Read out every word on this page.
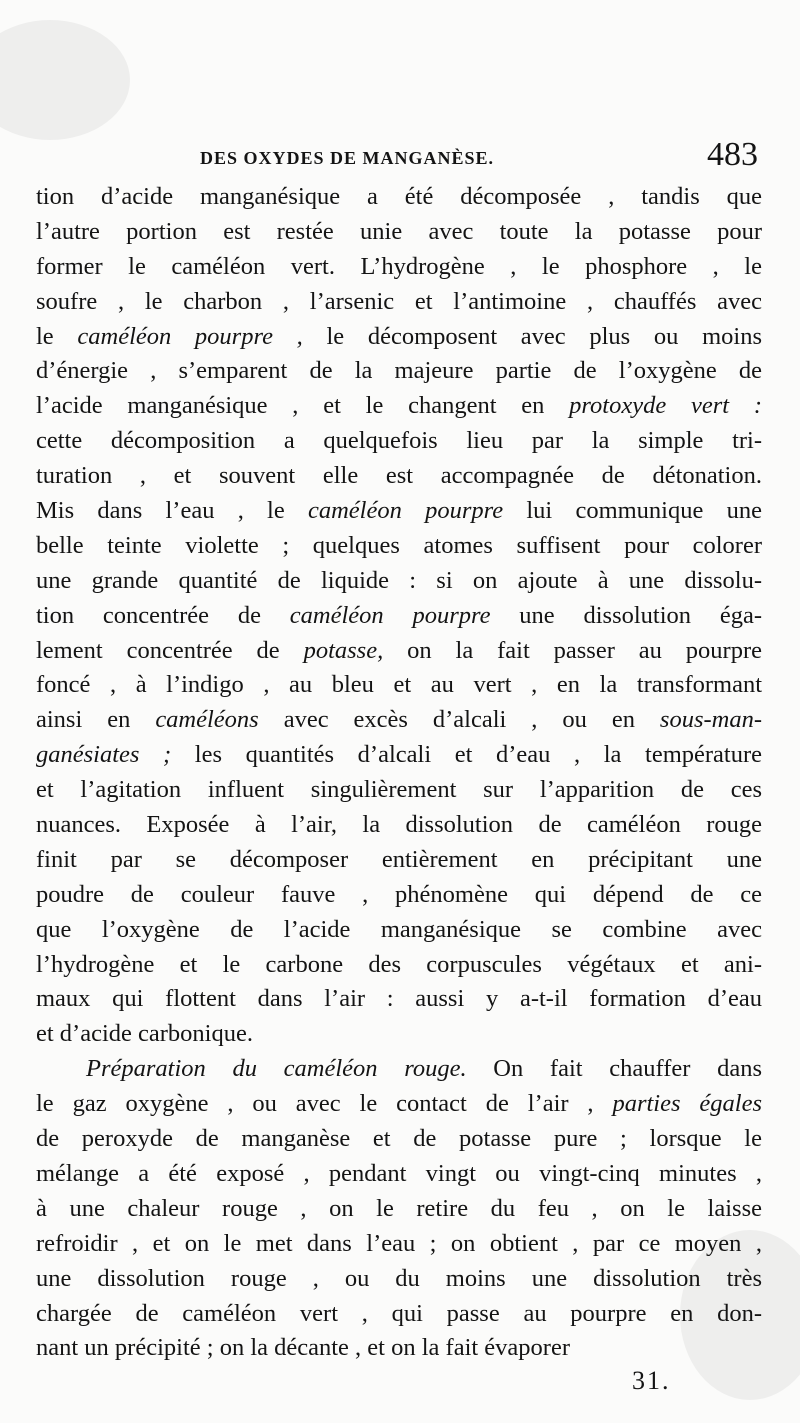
DES OXYDES DE MANGANÈSE.	483
tion d’acide manganésique a été décomposée , tandis que
l’autre portion est restée unie avec toute la potasse pour
former le caméléon vert. L’hydrogène , le phosphore , le
soufre , le charbon , l’arsenic et l’antimoine , chauffés avec
le caméléon pourpre , le décomposent avec plus ou moins
d’énergie , s’emparent de la majeure partie de l’oxygène de
l’acide manganésique , et le changent en protoxyde vert :
cette décomposition a quelquefois lieu par la simple tri-
turation , et souvent elle est accompagnée de détonation.
Mis dans l’eau , le caméléon pourpre lui communique une
belle teinte violette ; quelques atomes suffisent pour colorer
une grande quantité de liquide : si on ajoute à une dissolu-
tion concentrée de caméléon pourpre une dissolution éga-
lement concentrée de potasse, on la fait passer au pourpre
foncé , à l’indigo , au bleu et au vert , en la transformant
ainsi en caméléons avec excès d’alcali , ou en sous-man-
ganésiates ; les quantités d’alcali et d’eau , la température
et l’agitation influent singulièrement sur l’apparition de ces
nuances. Exposée à l’air, la dissolution de caméléon rouge
finit par se décomposer entièrement en précipitant une
poudre de couleur fauve , phénomène qui dépend de ce
que l’oxygène de l’acide manganésique se combine avec
l’hydrogène et le carbone des corpuscules végétaux et ani-
maux qui flottent dans l’air : aussi y a-t-il formation d’eau
et d’acide carbonique.
Préparation du caméléon rouge. On fait chauffer dans
le gaz oxygène , ou avec le contact de l’air , parties égales
de peroxyde de manganèse et de potasse pure ; lorsque le
mélange a été exposé , pendant vingt ou vingt-cinq minutes ,
à une chaleur rouge , on le retire du feu , on le laisse
refroidir , et on le met dans l’eau ; on obtient , par ce moyen ,
une dissolution rouge , ou du moins une dissolution très
chargée de caméléon vert , qui passe au pourpre en don-
nant un précipité ; on la décante , et on la fait évaporer
31.
